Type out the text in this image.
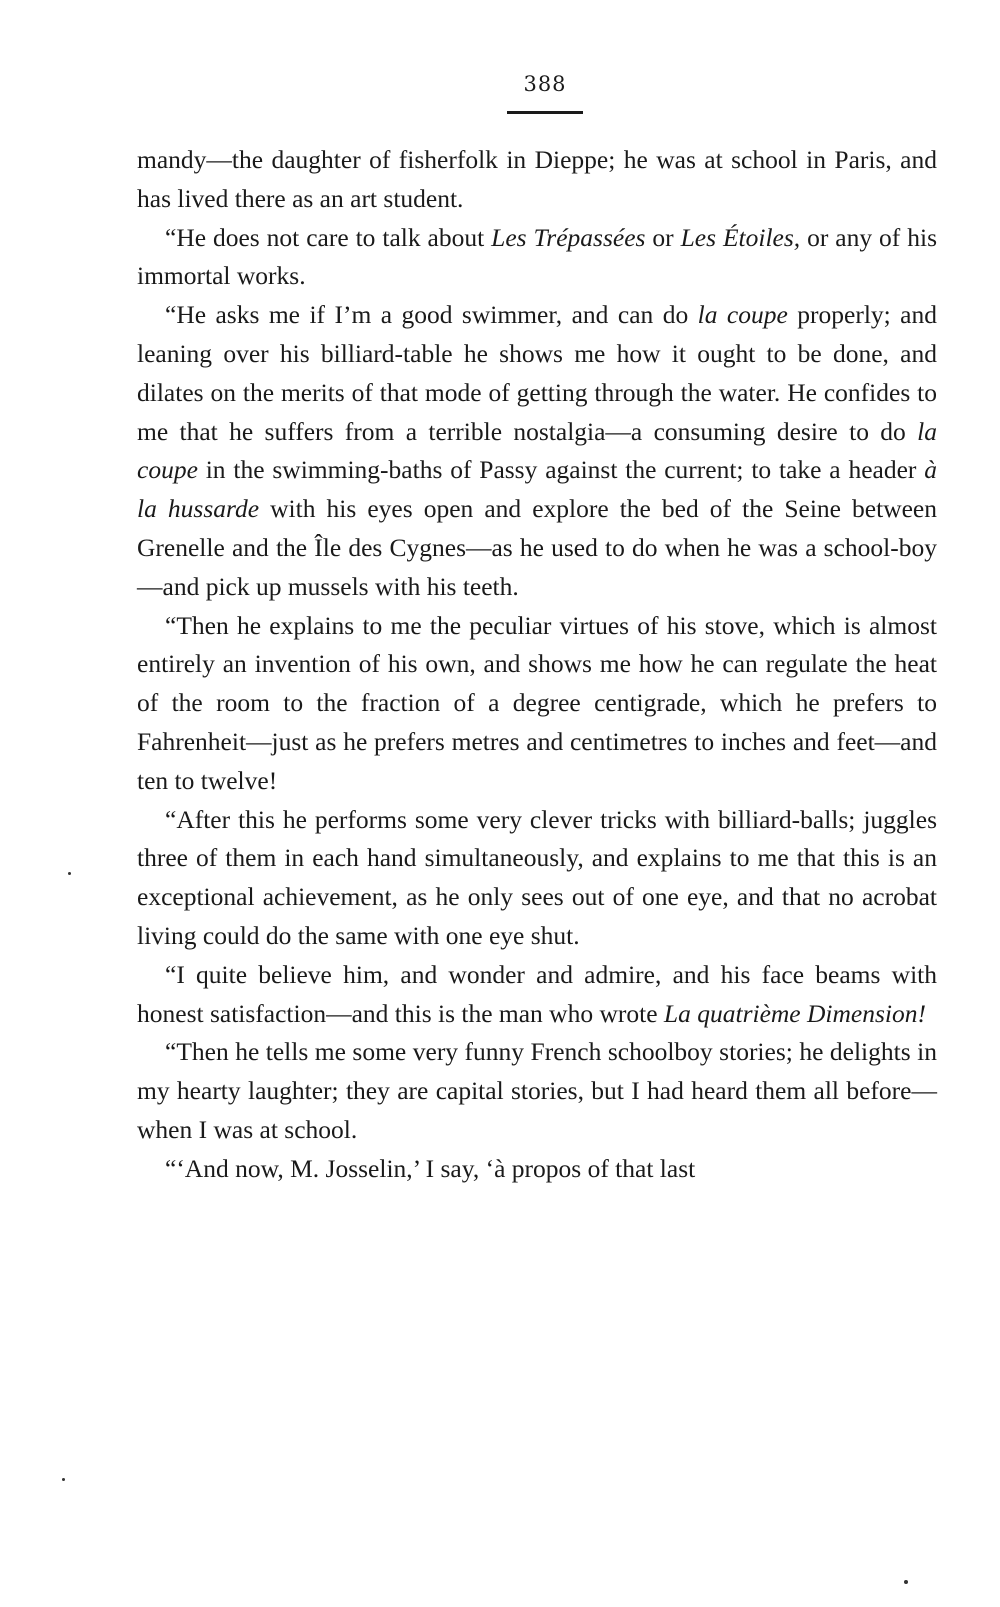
388

mandy—the daughter of fisherfolk in Dieppe; he was at school in Paris, and has lived there as an art student.

“He does not care to talk about Les Trépassées or Les Étoiles, or any of his immortal works.

“He asks me if I’m a good swimmer, and can do la coupe properly; and leaning over his billiard-table he shows me how it ought to be done, and dilates on the merits of that mode of getting through the water. He confides to me that he suffers from a terrible nostalgia—a consuming desire to do la coupe in the swimming-baths of Passy against the current; to take a header à la hussarde with his eyes open and explore the bed of the Seine between Grenelle and the Île des Cygnes—as he used to do when he was a school-boy—and pick up mussels with his teeth.

“Then he explains to me the peculiar virtues of his stove, which is almost entirely an invention of his own, and shows me how he can regulate the heat of the room to the fraction of a degree centigrade, which he prefers to Fahrenheit—just as he prefers metres and centimetres to inches and feet—and ten to twelve!

“After this he performs some very clever tricks with billiard-balls; juggles three of them in each hand simultaneously, and explains to me that this is an exceptional achievement, as he only sees out of one eye, and that no acrobat living could do the same with one eye shut.

“I quite believe him, and wonder and admire, and his face beams with honest satisfaction—and this is the man who wrote La quatrième Dimension!

“Then he tells me some very funny French schoolboy stories; he delights in my hearty laughter; they are capital stories, but I had heard them all before—when I was at school.

“‘And now, M. Josselin,’ I say, ‘à propos of that last
